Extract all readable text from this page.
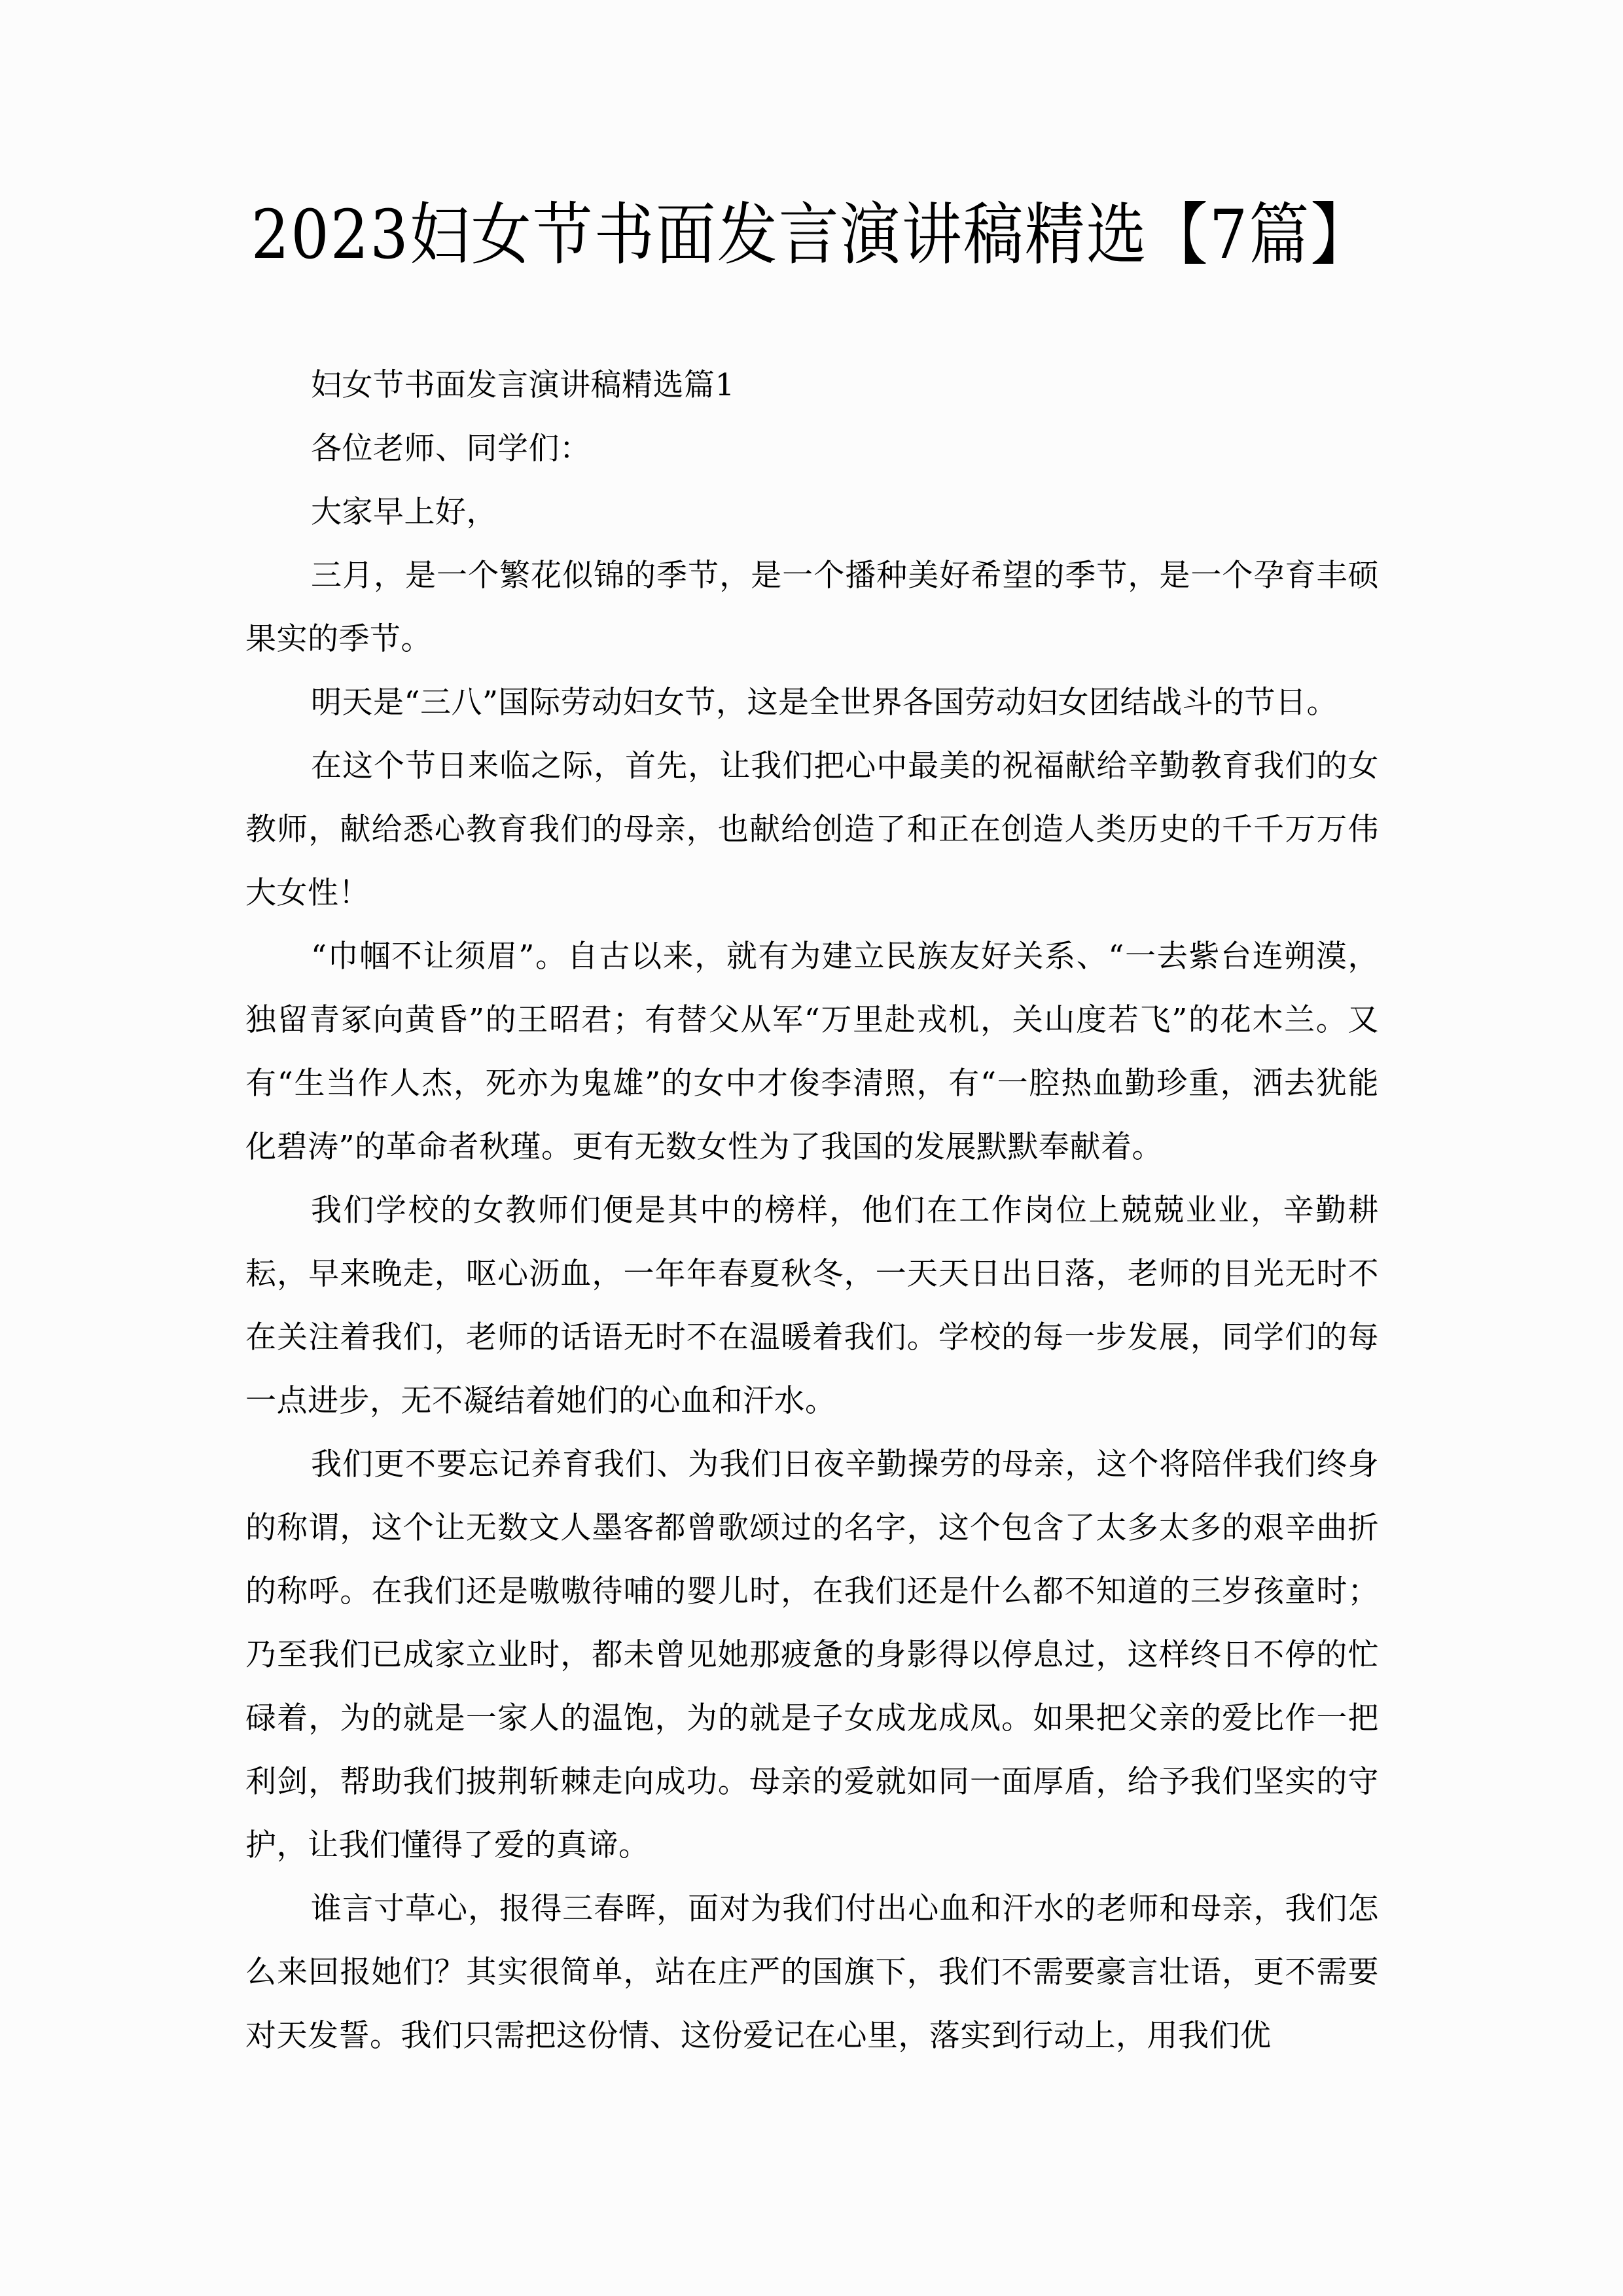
2023妇女节书面发言演讲稿精选【7篇】

妇女节书面发言演讲稿精选篇1

各位老师、同学们：

大家早上好，

三月，是一个繁花似锦的季节，是一个播种美好希望的季节，是一个孕育丰硕果实的季节。

明天是“三八”国际劳动妇女节，这是全世界各国劳动妇女团结战斗的节日。

在这个节日来临之际，首先，让我们把心中最美的祝福献给辛勤教育我们的女教师，献给悉心教育我们的母亲，也献给创造了和正在创造人类历史的千千万万伟大女性！

“巾帼不让须眉”。自古以来，就有为建立民族友好关系、“一去紫台连朔漠，独留青冢向黄昏”的王昭君；有替父从军“万里赴戎机，关山度若飞”的花木兰。又有“生当作人杰，死亦为鬼雄”的女中才俊李清照，有“一腔热血勤珍重，洒去犹能化碧涛”的革命者秋瑾。更有无数女性为了我国的发展默默奉献着。

我们学校的女教师们便是其中的榜样，他们在工作岗位上兢兢业业，辛勤耕耘，早来晚走，呕心沥血，一年年春夏秋冬，一天天日出日落，老师的目光无时不在关注着我们，老师的话语无时不在温暖着我们。学校的每一步发展，同学们的每一点进步，无不凝结着她们的心血和汗水。

我们更不要忘记养育我们、为我们日夜辛勤操劳的母亲，这个将陪伴我们终身的称谓，这个让无数文人墨客都曾歌颂过的名字，这个包含了太多太多的艰辛曲折的称呼。在我们还是嗷嗷待哺的婴儿时，在我们还是什么都不知道的三岁孩童时；乃至我们已成家立业时，都未曾见她那疲惫的身影得以停息过，这样终日不停的忙碌着，为的就是一家人的温饱，为的就是子女成龙成凤。如果把父亲的爱比作一把利剑，帮助我们披荆斩棘走向成功。母亲的爱就如同一面厚盾，给予我们坚实的守护，让我们懂得了爱的真谛。

谁言寸草心，报得三春晖，面对为我们付出心血和汗水的老师和母亲，我们怎么来回报她们？其实很简单，站在庄严的国旗下，我们不需要豪言壮语，更不需要对天发誓。我们只需把这份情、这份爱记在心里，落实到行动上，用我们优
